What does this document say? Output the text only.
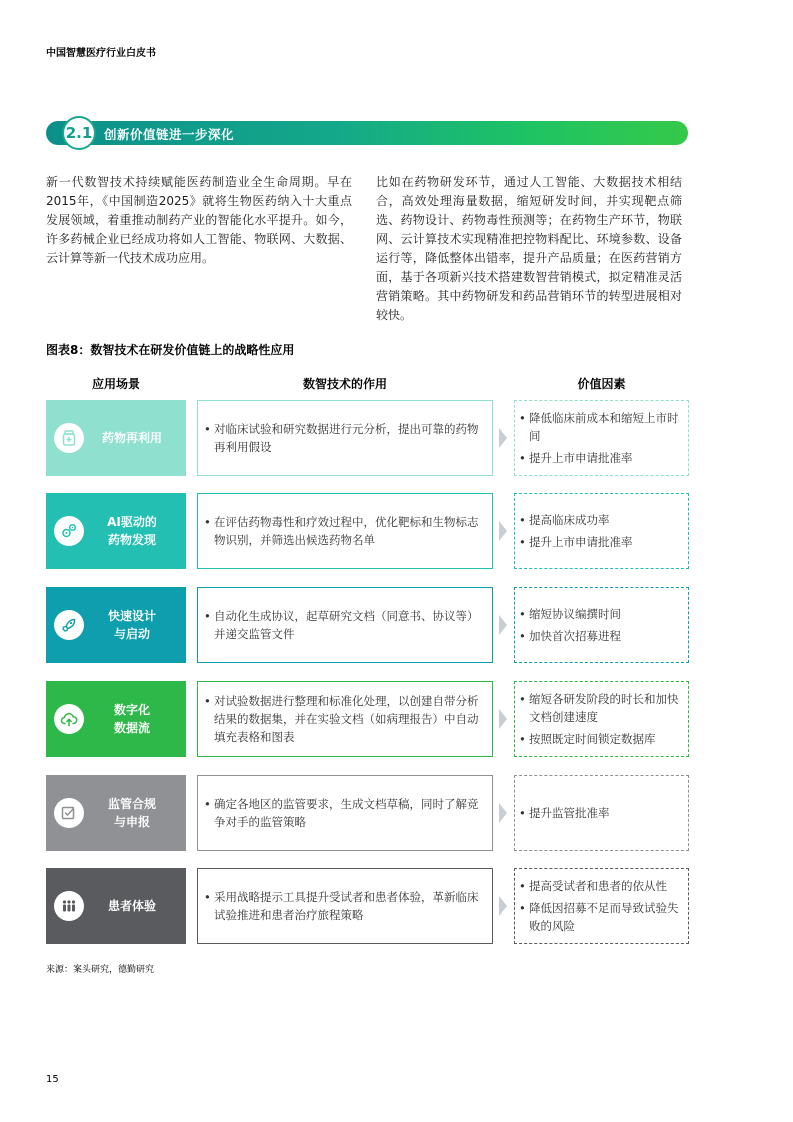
中国智慧医疗行业白皮书
2.1 创新价值链进一步深化

新一代数智技术持续赋能医药制造业全生命周期。早在2015年，《中国制造2025》就将生物医药纳入十大重点发展领域，着重推动制药产业的智能化水平提升。如今，许多药械企业已经成功将如人工智能、物联网、大数据、云计算等新一代技术成功应用。

比如在药物研发环节，通过人工智能、大数据技术相结合，高效处理海量数据，缩短研发时间，并实现靶点筛选、药物设计、药物毒性预测等；在药物生产环节，物联网、云计算技术实现精准把控物料配比、环境参数、设备运行等，降低整体出错率，提升产品质量；在医药营销方面，基于各项新兴技术搭建数智营销模式，拟定精准灵活营销策略。其中药物研发和药品营销环节的转型进展相对较快。

图表8：数智技术在研发价值链上的战略性应用
应用场景	数智技术的作用	价值因素
药物再利用
• 对临床试验和研究数据进行元分析，提出可靠的药物再利用假设
• 降低临床前成本和缩短上市时间
• 提升上市申请批准率
AI驱动的
药物发现
• 在评估药物毒性和疗效过程中，优化靶标和生物标志物识别，并筛选出候选药物名单
• 提高临床成功率
• 提升上市申请批准率
快速设计
与启动
• 自动化生成协议，起草研究文档（同意书、协议等）并递交监管文件
• 缩短协议编撰时间
• 加快首次招募进程
数字化
数据流
• 对试验数据进行整理和标准化处理，以创建自带分析结果的数据集，并在实验文档（如病理报告）中自动填充表格和图表
• 缩短各研发阶段的时长和加快文档创建速度
• 按照既定时间锁定数据库
监管合规
与申报
• 确定各地区的监管要求，生成文档草稿，同时了解竞争对手的监管策略
• 提升监管批准率
患者体验
• 采用战略提示工具提升受试者和患者体验，革新临床试验推进和患者治疗旅程策略
• 提高受试者和患者的依从性
• 降低因招募不足而导致试验失败的风险
来源：案头研究，德勤研究
15
